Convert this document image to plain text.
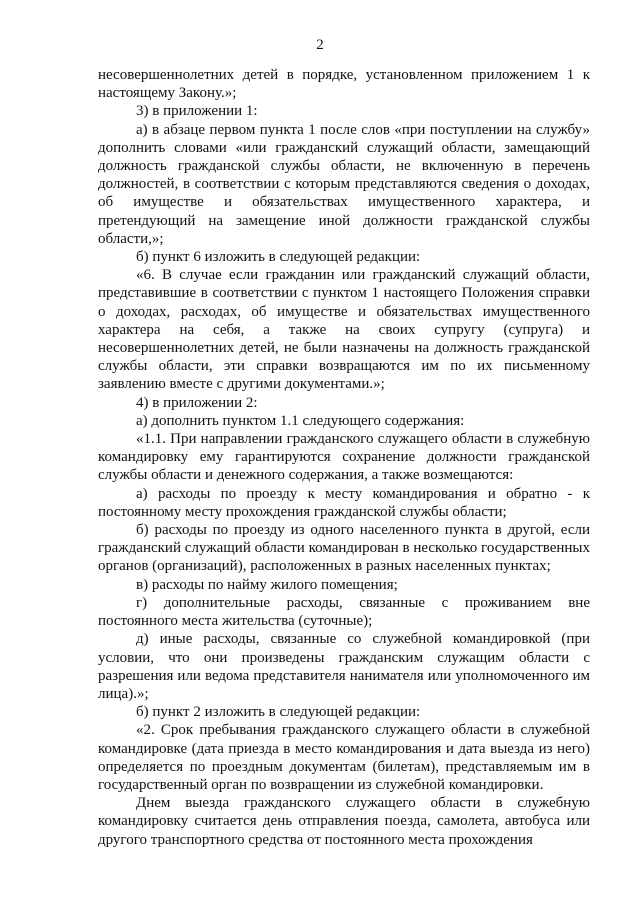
2

несовершеннолетних детей в порядке, установленном приложением 1 к настоящему Закону.»;

3) в приложении 1:

а) в абзаце первом пункта 1 после слов «при поступлении на службу» дополнить словами «или гражданский служащий области, замещающий должность гражданской службы области, не включенную в перечень должностей, в соответствии с которым представляются сведения о доходах, об имуществе и обязательствах имущественного характера, и претендующий на замещение иной должности гражданской службы области,»;

б) пункт 6 изложить в следующей редакции:

«6. В случае если гражданин или гражданский служащий области, представившие в соответствии с пунктом 1 настоящего Положения справки о доходах, расходах, об имуществе и обязательствах имущественного характера на себя, а также на своих супругу (супруга) и несовершеннолетних детей, не были назначены на должность гражданской службы области, эти справки возвращаются им по их письменному заявлению вместе с другими документами.»;

4) в приложении 2:

а) дополнить пунктом 1.1 следующего содержания:

«1.1. При направлении гражданского служащего области в служебную командировку ему гарантируются сохранение должности гражданской службы области и денежного содержания, а также возмещаются:

а) расходы по проезду к месту командирования и обратно - к постоянному месту прохождения гражданской службы области;

б) расходы по проезду из одного населенного пункта в другой, если гражданский служащий области командирован в несколько государственных органов (организаций), расположенных в разных населенных пунктах;

в) расходы по найму жилого помещения;

г) дополнительные расходы, связанные с проживанием вне постоянного места жительства (суточные);

д) иные расходы, связанные со служебной командировкой (при условии, что они произведены гражданским служащим области с разрешения или ведома представителя нанимателя или уполномоченного им лица).»;

б) пункт 2 изложить в следующей редакции:

«2. Срок пребывания гражданского служащего области в служебной командировке (дата приезда в место командирования и дата выезда из него) определяется по проездным документам (билетам), представляемым им в государственный орган по возвращении из служебной командировки.

Днем выезда гражданского служащего области в служебную командировку считается день отправления поезда, самолета, автобуса или другого транспортного средства от постоянного места прохождения
